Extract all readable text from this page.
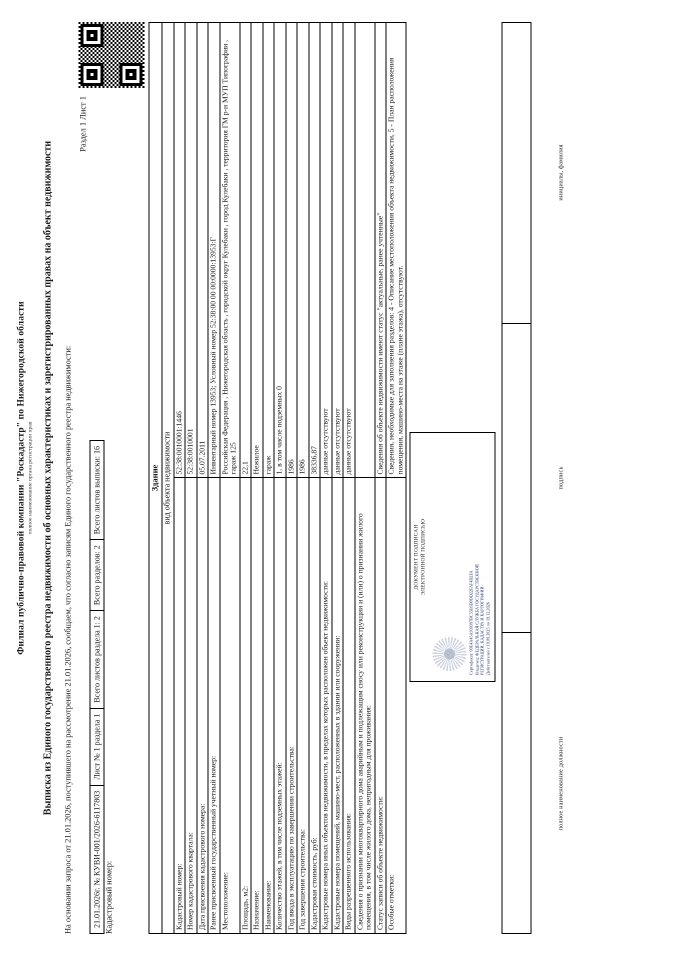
Филиал публично-правовой компании "Роскадастр" по Нижегородской области полное наименование органа регистрации прав Выписка из Единого государственного реестра недвижимости об основных характеристиках и зарегистрированных правах на объект недвижимости На основании запроса от 21.01.2026, поступившего на рассмотрение 21.01.2026, сообщаем, что согласно записям Единого государственного реестра недвижимости:
Раздел 1 Лист 1
21.01.2026г. № КУВИ-001/2026-6117803
Лист № 1 раздела 1
Всего листов раздела 1: 2
Всего разделов: 2
Всего листов выписки: 16
Кадастровый номер:
Здание	
вид объекта недвижимости	
Кадастровый номер:	52:38:0010001:1446
Номер кадастрового квартала:	52:38:0010001
Дата присвоения кадастрового номера:	05.07.2011
Ранее присвоенный государственный учетный номер:	Инвентарный номер 13953; Условный номер 52:38:00 00 00:0000:13953:Г
Местоположение:	Российская Федерация , Нижегородская область , городской округ Кулебаки , город Кулебаки , территория ГМ р-н МУП Типографии , гараж 125
Площадь, м2:	22,1
Назначение:	Нежилое
Наименование:	гараж
Количество этажей, в том числе подземных этажей:	1, в том числе подземных 0
Год ввода в эксплуатацию по завершении строительства:	1986
Год завершения строительства:	1986
Кадастровая стоимость, руб:	38336,87
Кадастровые номера иных объектов недвижимости, в пределах которых расположен объект недвижимости:	данные отсутствуют
Кадастровые номера помещений, машино-мест, расположенных в здании или сооружении:	данные отсутствуют
Виды разрешенного использования:	данные отсутствуют
Сведения о признании многоквартирного дома аварийным и подлежащим сносу или реконструкции и (или) о признании жилого помещения, в том числе жилого дома, непригодным для проживания:	
Статус записи об объекте недвижимости:	Сведения об объекте недвижимости имеют статус "актуальные, ранее учтенные"
Особые отметки:	Сведения, необходимые для заполнения разделов: 4 - Описание местоположения объекта недвижимости, 5 - План расположения помещения, машино-места на этаже (плане этажа), отсутствуют.
ДОКУМЕНТ ПОДПИСАН ЭЛЕКТРОННОЙ ПОДПИСЬЮ
Сертификат: 00E4A45A939397BC55E6D0DD22FAF4D2FA Владелец: ФЕДЕРАЛЬНАЯ СЛУЖБА ГОСУДАРСТВЕННОЙ РЕГИСТРАЦИИ, КАДАСТРА И КАРТОГРАФИИ Действителен с 19.09.2025 по 19.12.2026

полное наименование должности	подпись	инициалы, фамилия
